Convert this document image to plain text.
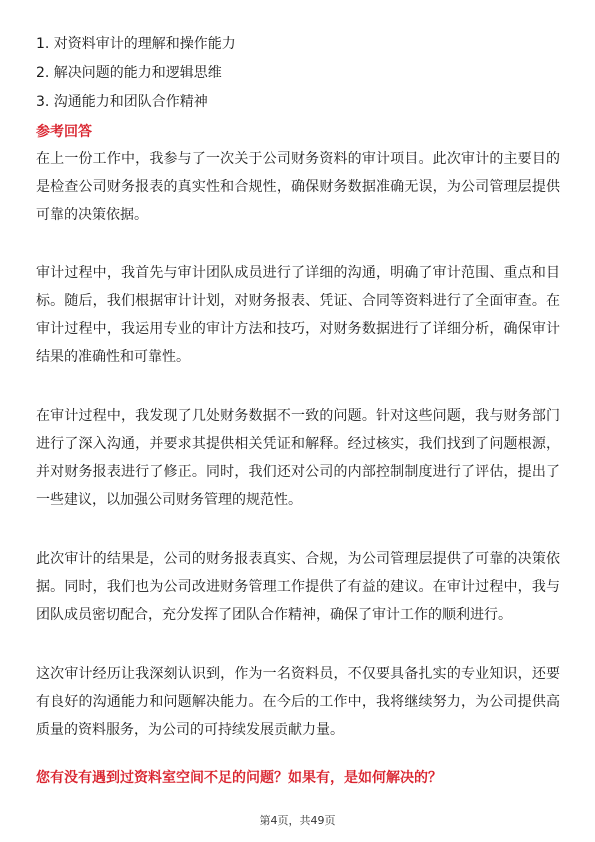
1. 对资料审计的理解和操作能力
2. 解决问题的能力和逻辑思维
3. 沟通能力和团队合作精神
参考回答

在上一份工作中，我参与了一次关于公司财务资料的审计项目。此次审计的主要目的是检查公司财务报表的真实性和合规性，确保财务数据准确无误，为公司管理层提供可靠的决策依据。

审计过程中，我首先与审计团队成员进行了详细的沟通，明确了审计范围、重点和目标。随后，我们根据审计计划，对财务报表、凭证、合同等资料进行了全面审查。在审计过程中，我运用专业的审计方法和技巧，对财务数据进行了详细分析，确保审计结果的准确性和可靠性。

在审计过程中，我发现了几处财务数据不一致的问题。针对这些问题，我与财务部门进行了深入沟通，并要求其提供相关凭证和解释。经过核实，我们找到了问题根源，并对财务报表进行了修正。同时，我们还对公司的内部控制制度进行了评估，提出了一些建议，以加强公司财务管理的规范性。

此次审计的结果是，公司的财务报表真实、合规，为公司管理层提供了可靠的决策依据。同时，我们也为公司改进财务管理工作提供了有益的建议。在审计过程中，我与团队成员密切配合，充分发挥了团队合作精神，确保了审计工作的顺利进行。

这次审计经历让我深刻认识到，作为一名资料员，不仅要具备扎实的专业知识，还要有良好的沟通能力和问题解决能力。在今后的工作中，我将继续努力，为公司提供高质量的资料服务，为公司的可持续发展贡献力量。

您有没有遇到过资料室空间不足的问题？如果有，是如何解决的？
第4页，共49页
